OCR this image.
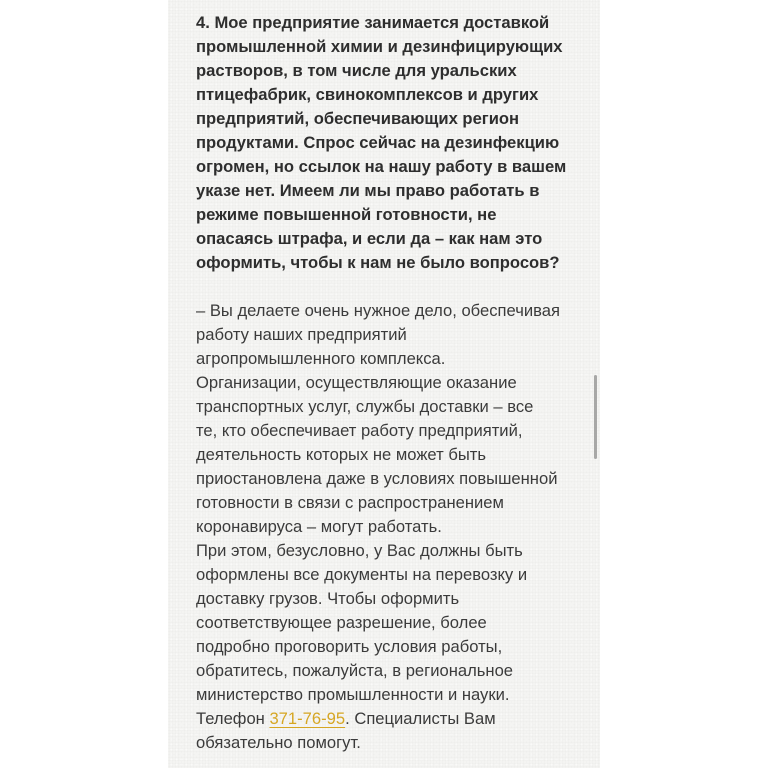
4. Мое предприятие занимается доставкой
промышленной химии и дезинфицирующих
растворов, в том числе для уральских
птицефабрик, свинокомплексов и других
предприятий, обеспечивающих регион
продуктами. Спрос сейчас на дезинфекцию
огромен, но ссылок на нашу работу в вашем
указе нет. Имеем ли мы право работать в
режиме повышенной готовности, не
опасаясь штрафа, и если да – как нам это
оформить, чтобы к нам не было вопросов?
– Вы делаете очень нужное дело, обеспечивая
работу наших предприятий
агропромышленного комплекса.
Организации, осуществляющие оказание
транспортных услуг, службы доставки – все
те, кто обеспечивает работу предприятий,
деятельность которых не может быть
приостановлена даже в условиях повышенной
готовности в связи с распространением
коронавируса – могут работать.
При этом, безусловно, у Вас должны быть
оформлены все документы на перевозку и
доставку грузов. Чтобы оформить
соответствующее разрешение, более
подробно проговорить условия работы,
обратитесь, пожалуйста, в региональное
министерство промышленности и науки.
Телефон 371-76-95. Специалисты Вам
обязательно помогут.
